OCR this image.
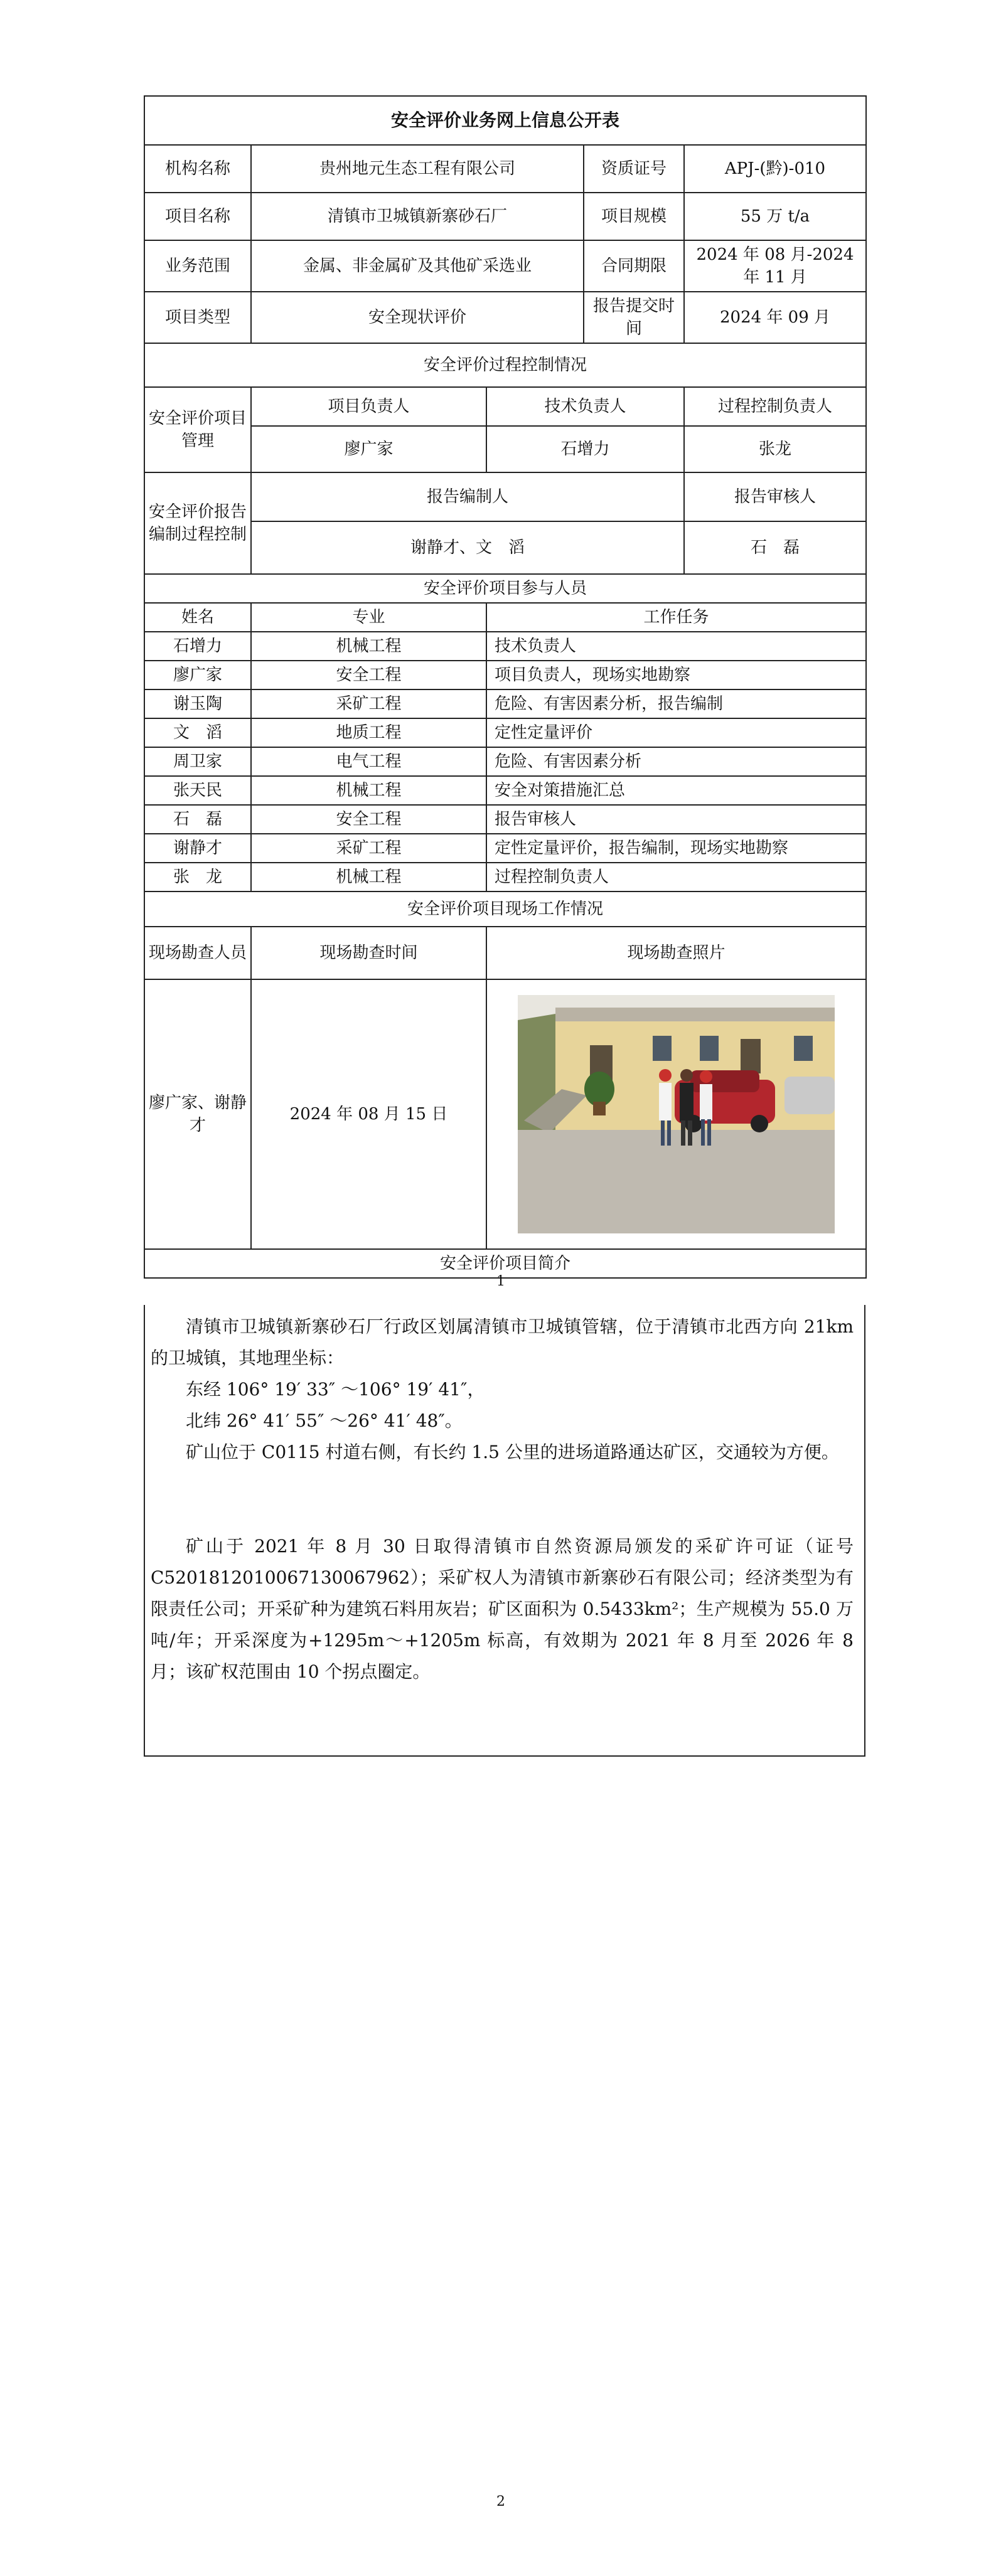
安全评价业务网上信息公开表				
机构名称	贵州地元生态工程有限公司		资质证号	APJ-(黔)-010
项目名称	清镇市卫城镇新寨砂石厂		项目规模	55 万 t/a
业务范围	金属、非金属矿及其他矿采选业		合同期限	2024 年 08 月-2024 年 11 月
项目类型	安全现状评价		报告提交时间	2024 年 09 月
安全评价过程控制情况				
安全评价项目管理	项目负责人	技术负责人		过程控制负责人
	廖广家	石增力		张龙
安全评价报告编制过程控制	报告编制人			报告审核人
	谢静才、文　滔			石　磊
安全评价项目参与人员				
姓名	专业	工作任务		
石增力	机械工程	技术负责人		
廖广家	安全工程	项目负责人，现场实地勘察		
谢玉陶	采矿工程	危险、有害因素分析，报告编制		
文　滔	地质工程	定性定量评价		
周卫家	电气工程	危险、有害因素分析		
张天民	机械工程	安全对策措施汇总		
石　磊	安全工程	报告审核人		
谢静才	采矿工程	定性定量评价，报告编制，现场实地勘察		
张　龙	机械工程	过程控制负责人		
安全评价项目现场工作情况				
现场勘查人员	现场勘查时间	现场勘查照片		
廖广家、谢静才	2024 年 08 月 15 日	

安全评价项目简介				
1

清镇市卫城镇新寨砂石厂行政区划属清镇市卫城镇管辖，位于清镇市北西方向 21km 的卫城镇，其地理坐标：

东经 106° 19′ 33″ ～106° 19′ 41″，

北纬 26° 41′ 55″ ～26° 41′ 48″。

矿山位于 C0115 村道右侧，有长约 1.5 公里的进场道路通达矿区，交通较为方便。

矿山于 2021 年 8 月 30 日取得清镇市自然资源局颁发的采矿许可证（证号 C5201812010067130067962）；采矿权人为清镇市新寨砂石有限公司；经济类型为有限责任公司；开采矿种为建筑石料用灰岩；矿区面积为 0.5433km²；生产规模为 55.0 万吨/年；开采深度为+1295m～+1205m 标高，有效期为 2021 年 8 月至 2026 年 8 月；该矿权范围由 10 个拐点圈定。

2
